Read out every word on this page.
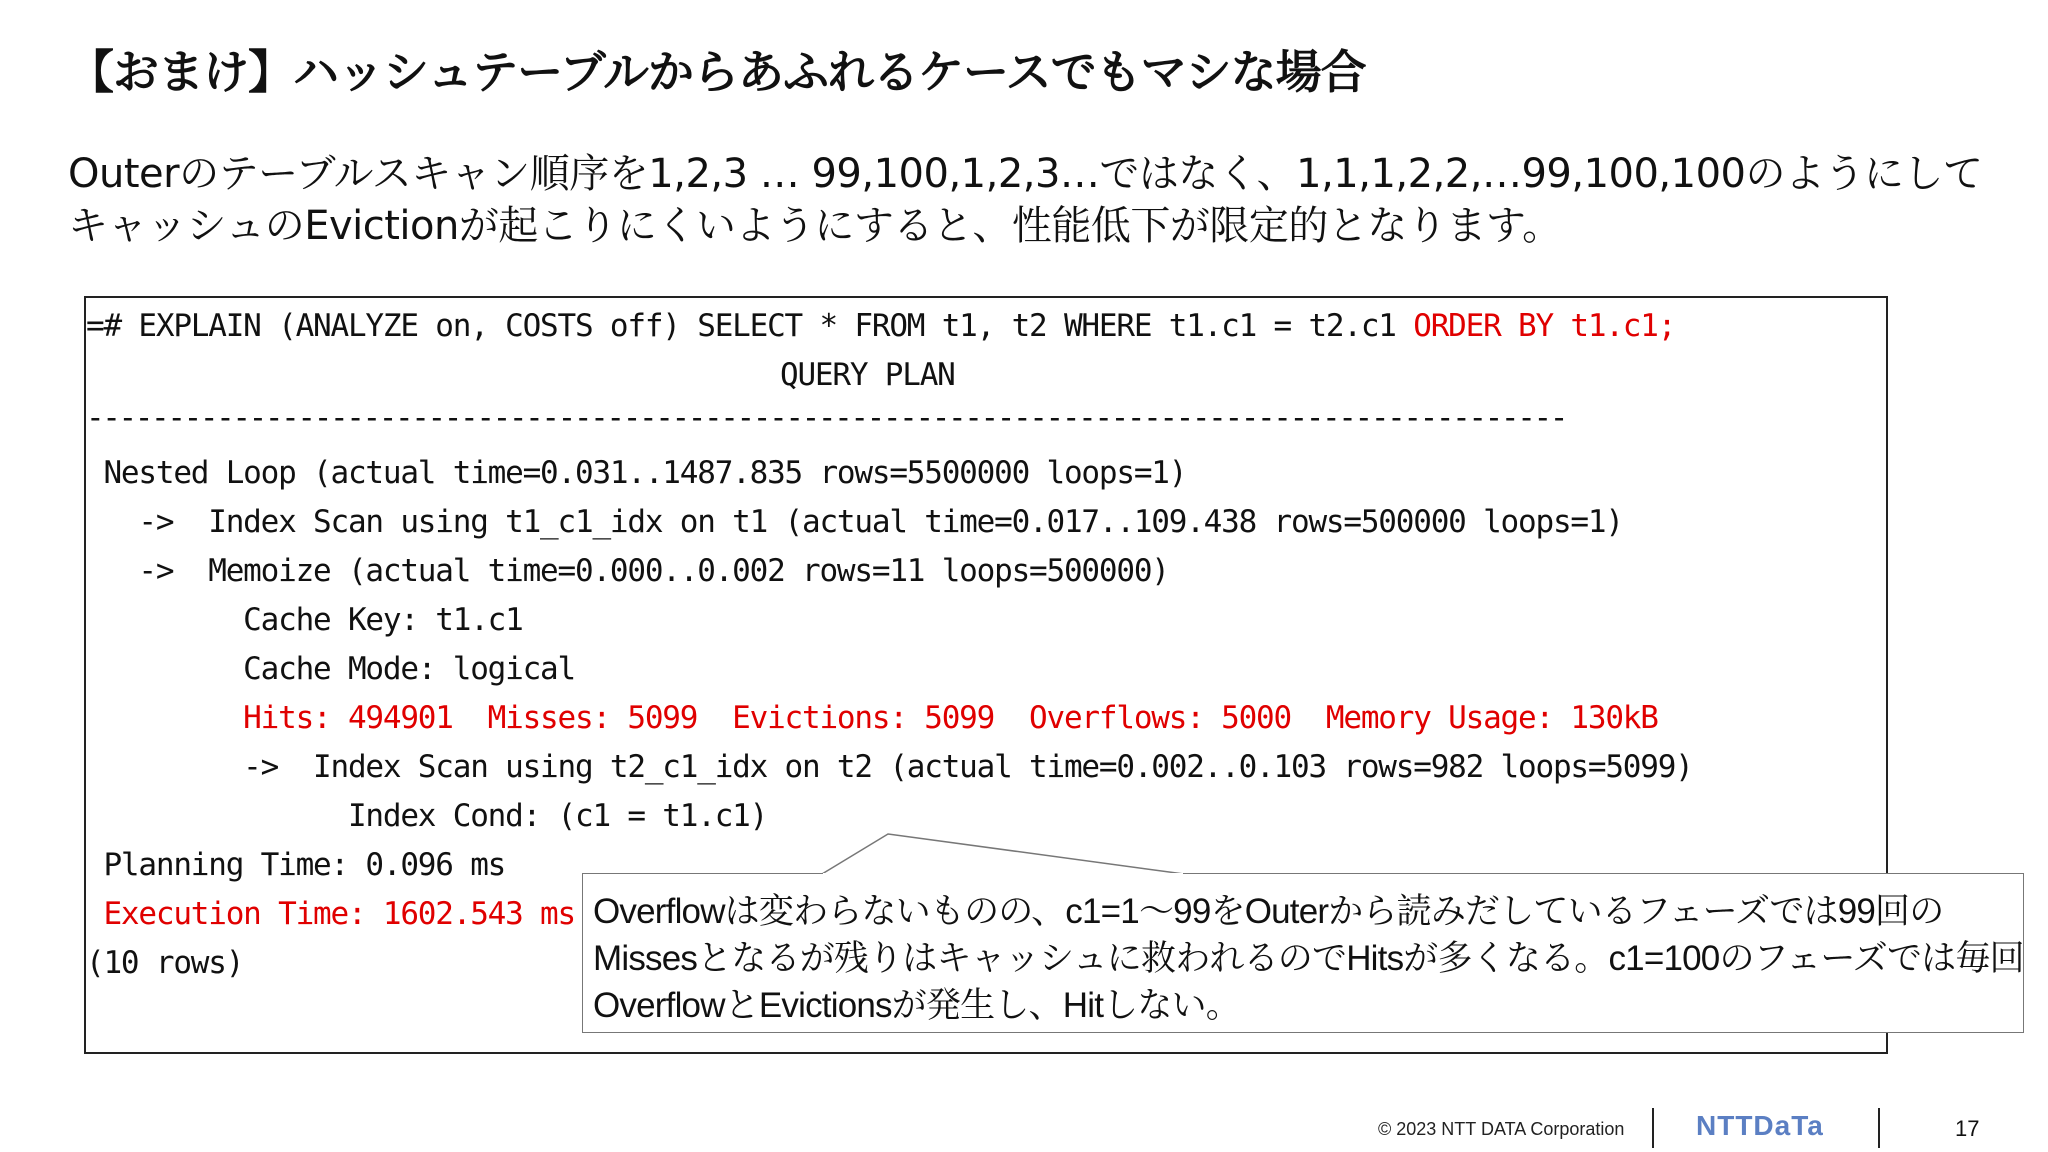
【おまけ】ハッシュテーブルからあふれるケースでもマシな場合
Outerのテーブルスキャン順序を1,2,3 … 99,100,1,2,3…ではなく、1,1,1,2,2,…99,100,100のようにして
キャッシュのEvictionが起こりにくいようにすると、性能低下が限定的となります。
=# EXPLAIN (ANALYZE on, COSTS off) SELECT * FROM t1, t2 WHERE t1.c1 = t2.c1 ORDER BY t1.c1;
QUERY PLAN
-------------------------------------------------------------------------------------------
Nested Loop (actual time=0.031..1487.835 rows=5500000 loops=1)
->  Index Scan using t1_c1_idx on t1 (actual time=0.017..109.438 rows=500000 loops=1)
->  Memoize (actual time=0.000..0.002 rows=11 loops=500000)
Cache Key: t1.c1
Cache Mode: logical
Hits: 494901  Misses: 5099  Evictions: 5099  Overflows: 5000  Memory Usage: 130kB
->  Index Scan using t2_c1_idx on t2 (actual time=0.002..0.103 rows=982 loops=5099)
Index Cond: (c1 = t1.c1)
Planning Time: 0.096 ms
Execution Time: 1602.543 ms
(10 rows)
Overflowは変わらないものの、c1=1～99をOuterから読みだしているフェーズでは99回の
Missesとなるが残りはキャッシュに救われるのでHitsが多くなる。c1=100のフェーズでは毎回
OverflowとEvictionsが発生し、Hitしない。
© 2023 NTT DATA Corporation	NTTDaTa	17
